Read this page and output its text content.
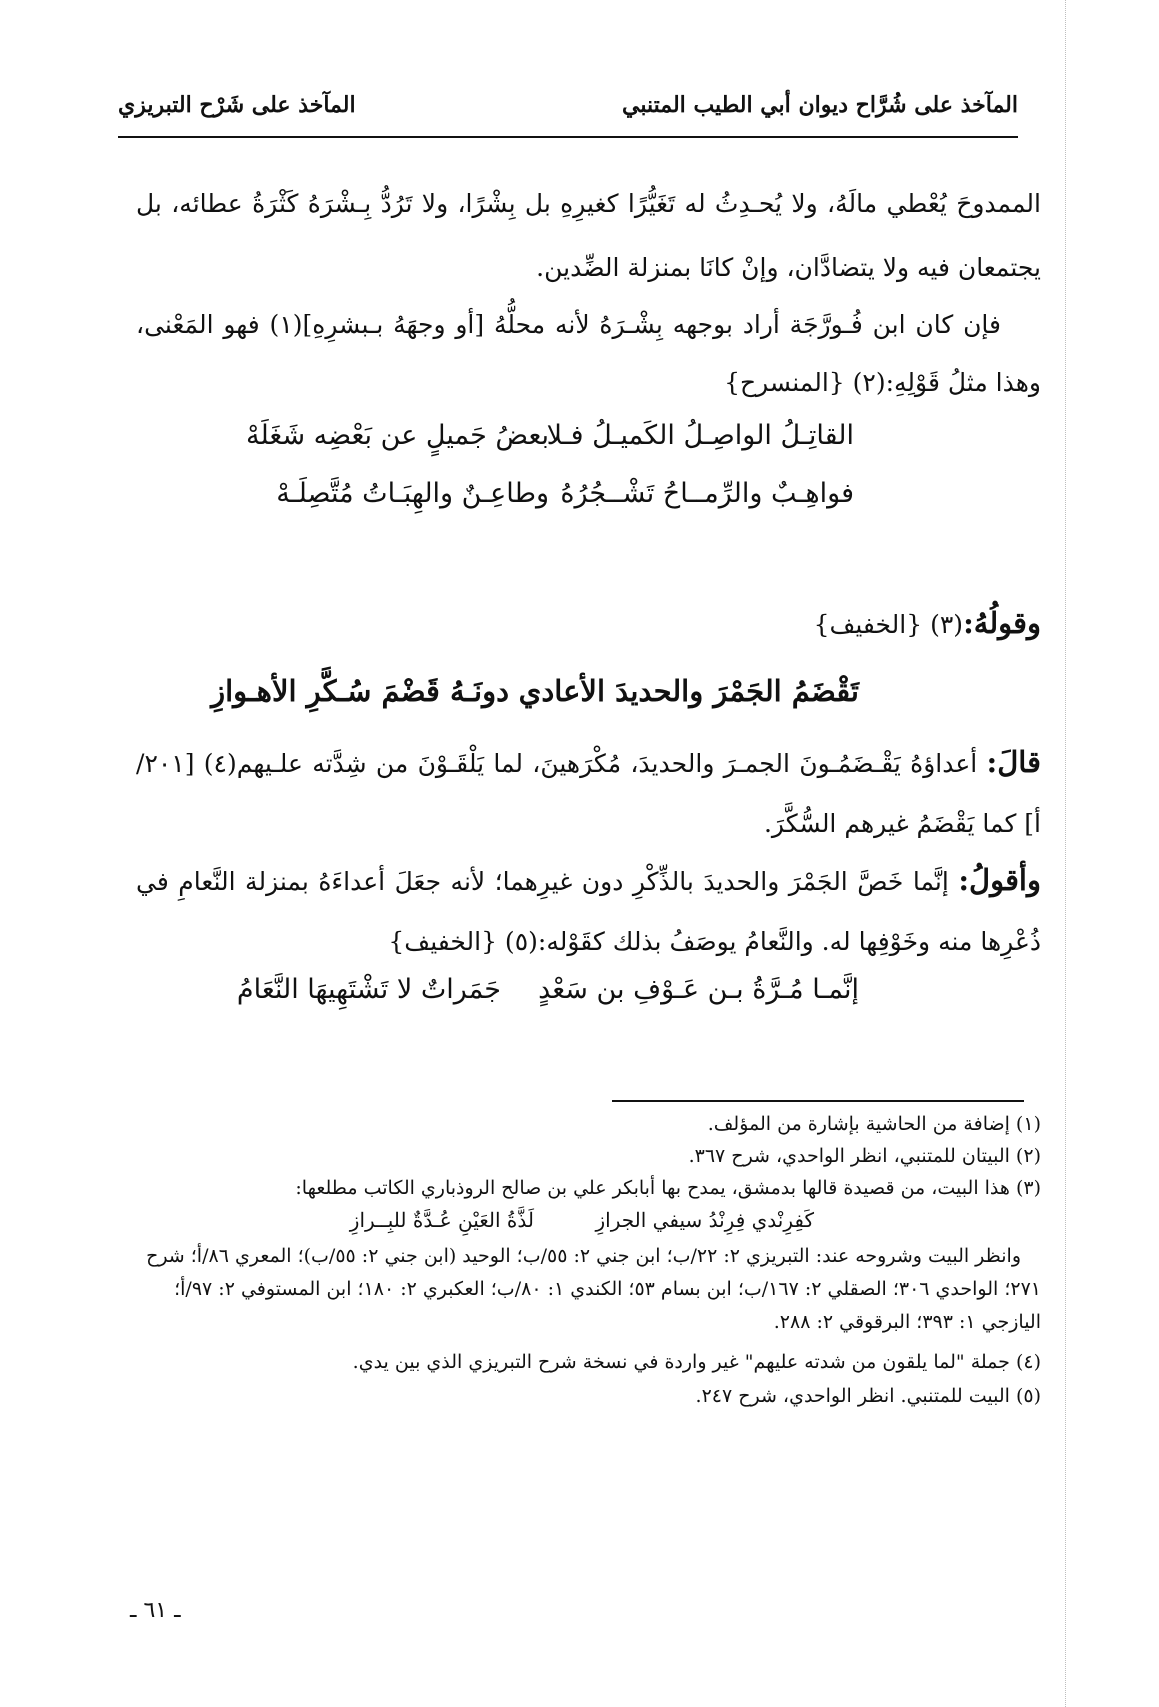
المآخذ على شُرَّاح ديوان أبي الطيب المتنبي
المآخذ على شَرْح التبريزي
الممدوحَ يُعْطي مالَهُ، ولا يُحـدِثُ له تَغَيُّرًا كغيرِهِ بل بِشْرًا، ولا تَرُدُّ بِـشْرَهُ كَثْرَةُ عطائه، بل يجتمعان فيه ولا يتضادَّان، وإنْ كانَا بمنزلة الضِّدين.
فإن كان ابن فُـورَّجَة أراد بوجهه بِشْـرَهُ لأنه محلُّهُ [أو وجهَهُ بـبشرِهِ](١) فهو المَعْنى، وهذا مثلُ قَوْلِهِ:(٢) {المنسرح}
القاتِـلُ الواصِـلُ الكَميـلُ فـلا
بعضُ جَميلٍ عن بَعْضِه شَغَلَهْ
فواهِـبٌ والرِّمــاحُ تَشْــجُرُهُ
وطاعِـنٌ والهِبَـاتُ مُتَّصِلَـهْ
وقولُهُ:(٣) {الخفيف}
تَقْضَمُ الجَمْرَ والحديدَ الأعادي
دونَـهُ قَضْمَ سُـكَّرِ الأهـوازِ
قالَ: أعداؤهُ يَقْـضَمُـونَ الجمـرَ والحديدَ، مُكْرَهينَ، لما يَلْقَـوْنَ من شِدَّته علـيهم(٤) [٢٠١/أ] كما يَقْضَمُ غيرهم السُّكَّرَ.
وأقولُ: إنَّما خَصَّ الجَمْرَ والحديدَ بالذِّكْرِ دون غيرِهما؛ لأنه جعَلَ أعداءَهُ بمنزلة النَّعامِ في ذُعْرِها منه وخَوْفِها له. والنَّعامُ يوصَفُ بذلك كقَوْله:(٥) {الخفيف}
إنَّمـا مُـرَّةُ بـن عَـوْفِ بن سَعْدٍ
جَمَراتٌ لا تَشْتَهِيهَا النَّعَامُ
(١) إضافة من الحاشية بإشارة من المؤلف.
(٢) البيتان للمتنبي، انظر الواحدي، شرح ٣٦٧.
(٣) هذا البيت، من قصيدة قالها بدمشق، يمدح بها أبابكر علي بن صالح الروذباري الكاتب مطلعها:
كَفِرِنْدي فِرِنْدُ سيفي الجرازِ
لَذَّةُ العَيْنِ عُـدَّةٌ للبِــرازِ
وانظر البيت وشروحه عند: التبريزي ٢: ٢٢/ب؛ ابن جني ٢: ٥٥/ب؛ الوحيد (ابن جني ٢: ٥٥/ب)؛ المعري ٨٦/أ؛ شرح ٢٧١؛ الواحدي ٣٠٦؛ الصقلي ٢: ١٦٧/ب؛ ابن بسام ٥٣؛ الكندي ١: ٨٠/ب؛ العكبري ٢: ١٨٠؛ ابن المستوفي ٢: ٩٧/أ؛ اليازجي ١: ٣٩٣؛ البرقوقي ٢: ٢٨٨.
(٤) جملة "لما يلقون من شدته عليهم" غير واردة في نسخة شرح التبريزي الذي بين يدي.
(٥) البيت للمتنبي. انظر الواحدي، شرح ٢٤٧.
ـ ٦١ ـ
